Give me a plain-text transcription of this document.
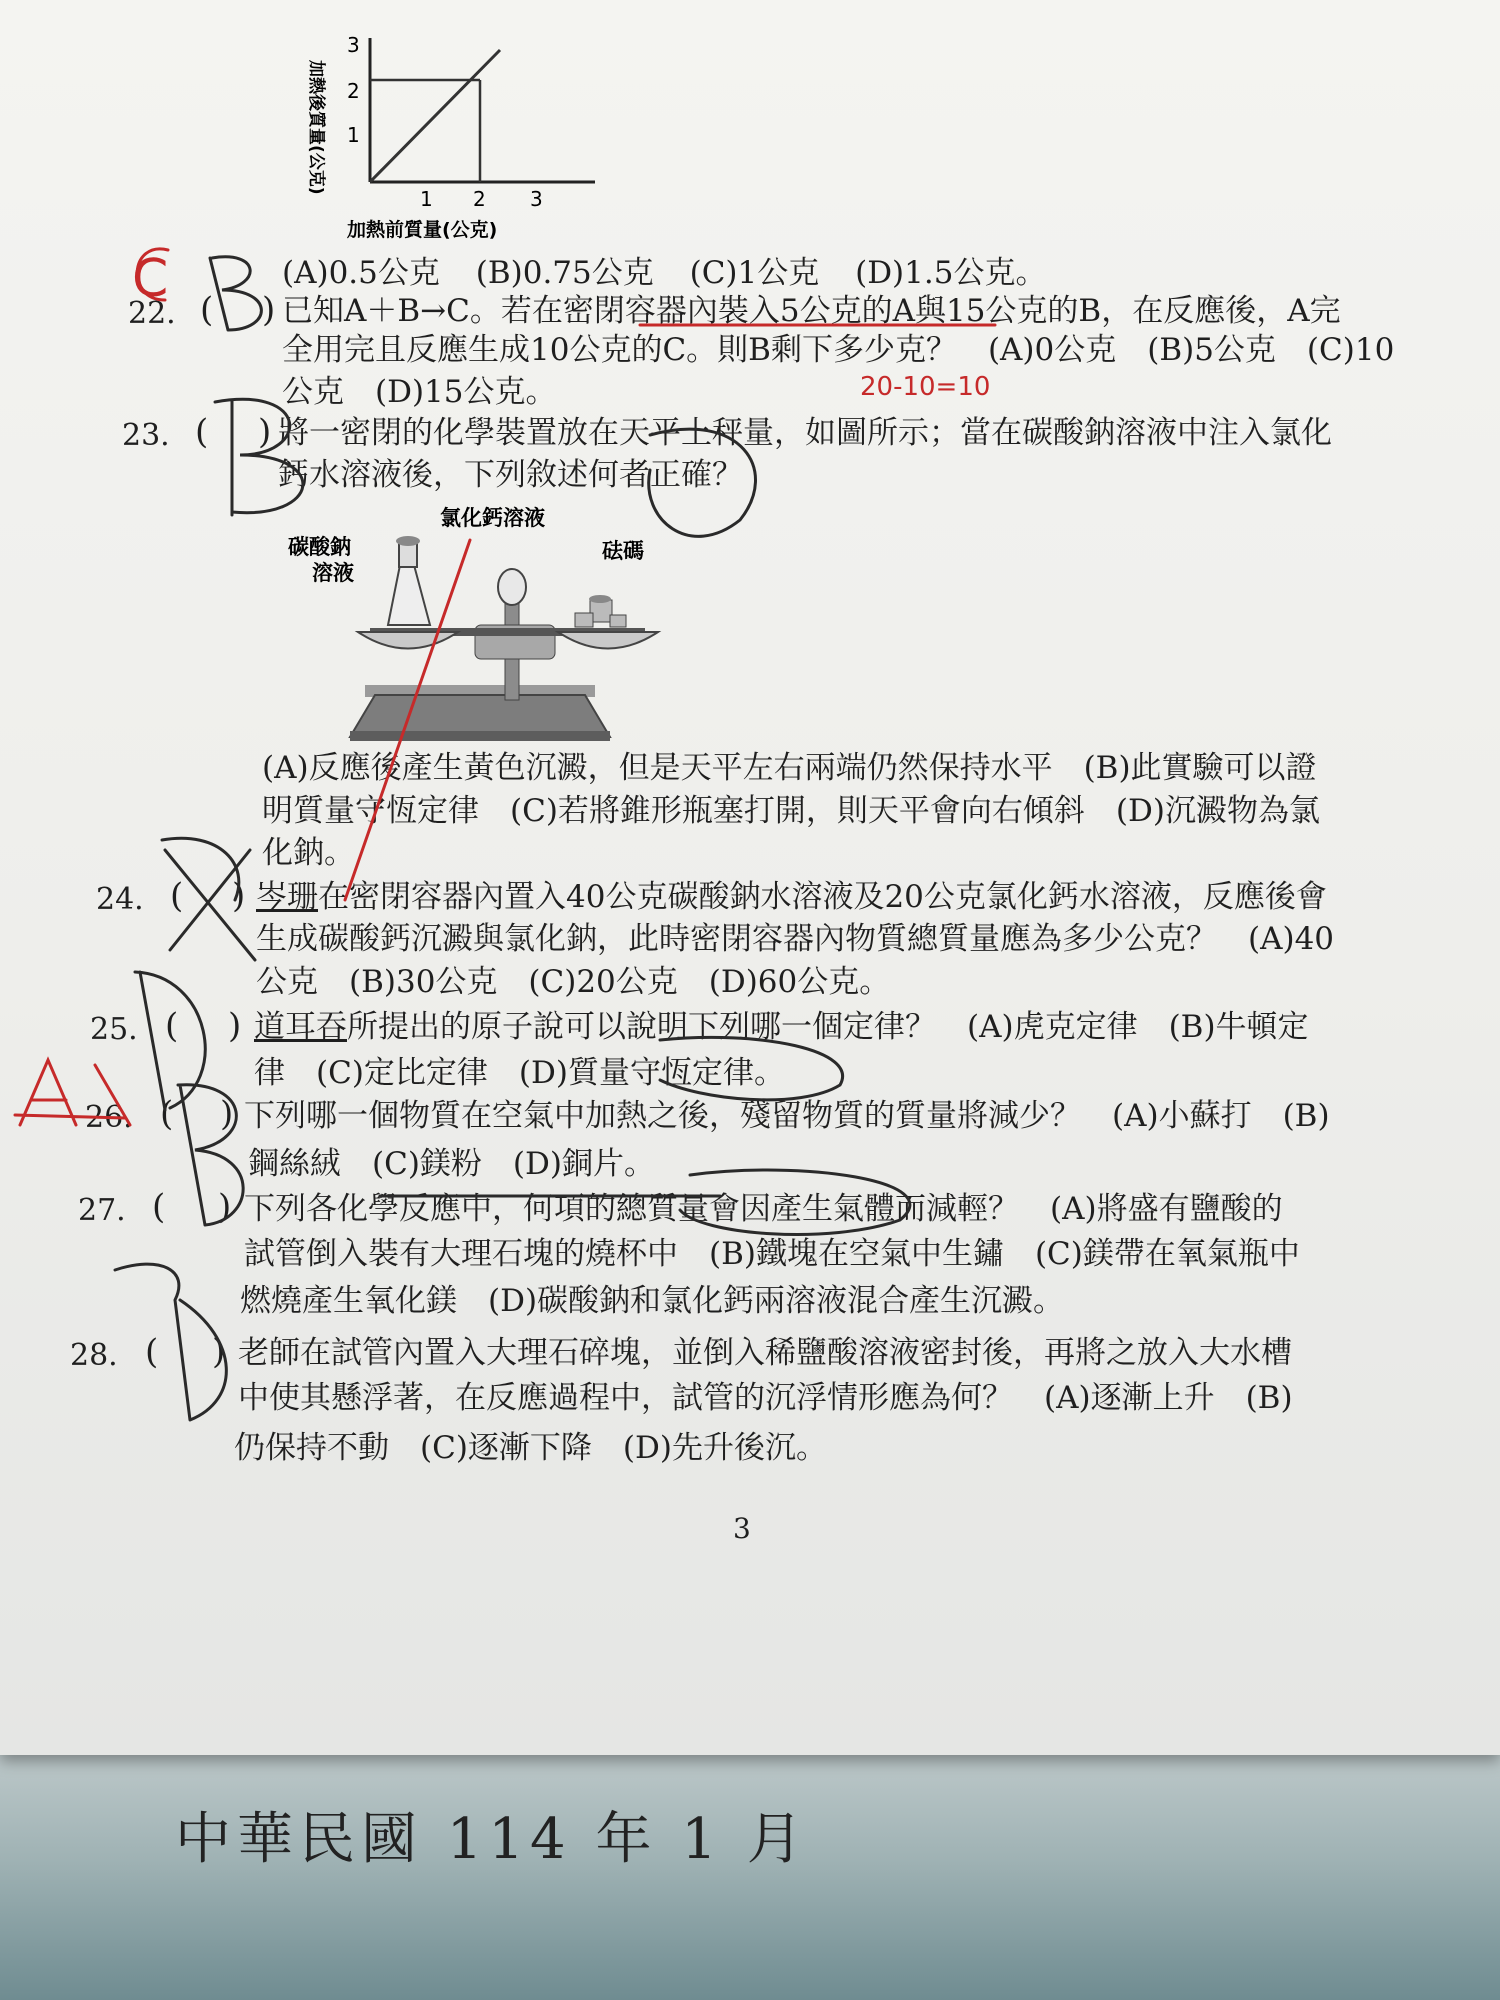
中華民國 114 年 1 月
3
2
1
1 2 3
加熱前質量(公克)
加熱後質量(公克)
(A)0.5公克 (B)0.75公克 (C)1公克 (D)1.5公克。
22. ( ) 已知A＋B→C。若在密閉容器內裝入5公克的A與15公克的B，在反應後，A完
全用完且反應生成10公克的C。則B剩下多少克？　(A)0公克　(B)5公克　(C)10
公克　(D)15公克。
23. ( ) 將一密閉的化學裝置放在天平上秤量，如圖所示；當在碳酸鈉溶液中注入氯化
鈣水溶液後，下列敘述何者正確？
碳酸鈉
溶液
氯化鈣溶液
砝碼
(A)反應後產生黃色沉澱，但是天平左右兩端仍然保持水平　(B)此實驗可以證
明質量守恆定律　(C)若將錐形瓶塞打開，則天平會向右傾斜　(D)沉澱物為氯
化鈉。
24. ( ) 岑珊在密閉容器內置入40公克碳酸鈉水溶液及20公克氯化鈣水溶液，反應後會
生成碳酸鈣沉澱與氯化鈉，此時密閉容器內物質總質量應為多少公克？　(A)40
公克　(B)30公克　(C)20公克　(D)60公克。
25. ( ) 道耳吞所提出的原子說可以說明下列哪一個定律？　(A)虎克定律　(B)牛頓定
律　(C)定比定律　(D)質量守恆定律。
26. ( ) 下列哪一個物質在空氣中加熱之後，殘留物質的質量將減少？　(A)小蘇打　(B)
鋼絲絨　(C)鎂粉　(D)銅片。
27. ( ) 下列各化學反應中，何項的總質量會因產生氣體而減輕？　(A)將盛有鹽酸的
試管倒入裝有大理石塊的燒杯中　(B)鐵塊在空氣中生鏽　(C)鎂帶在氧氣瓶中
燃燒產生氧化鎂　(D)碳酸鈉和氯化鈣兩溶液混合產生沉澱。
28. ( ) 老師在試管內置入大理石碎塊，並倒入稀鹽酸溶液密封後，再將之放入大水槽
中使其懸浮著，在反應過程中，試管的沉浮情形應為何？　(A)逐漸上升　(B)
仍保持不動　(C)逐漸下降　(D)先升後沉。
3
C
20-10=10
